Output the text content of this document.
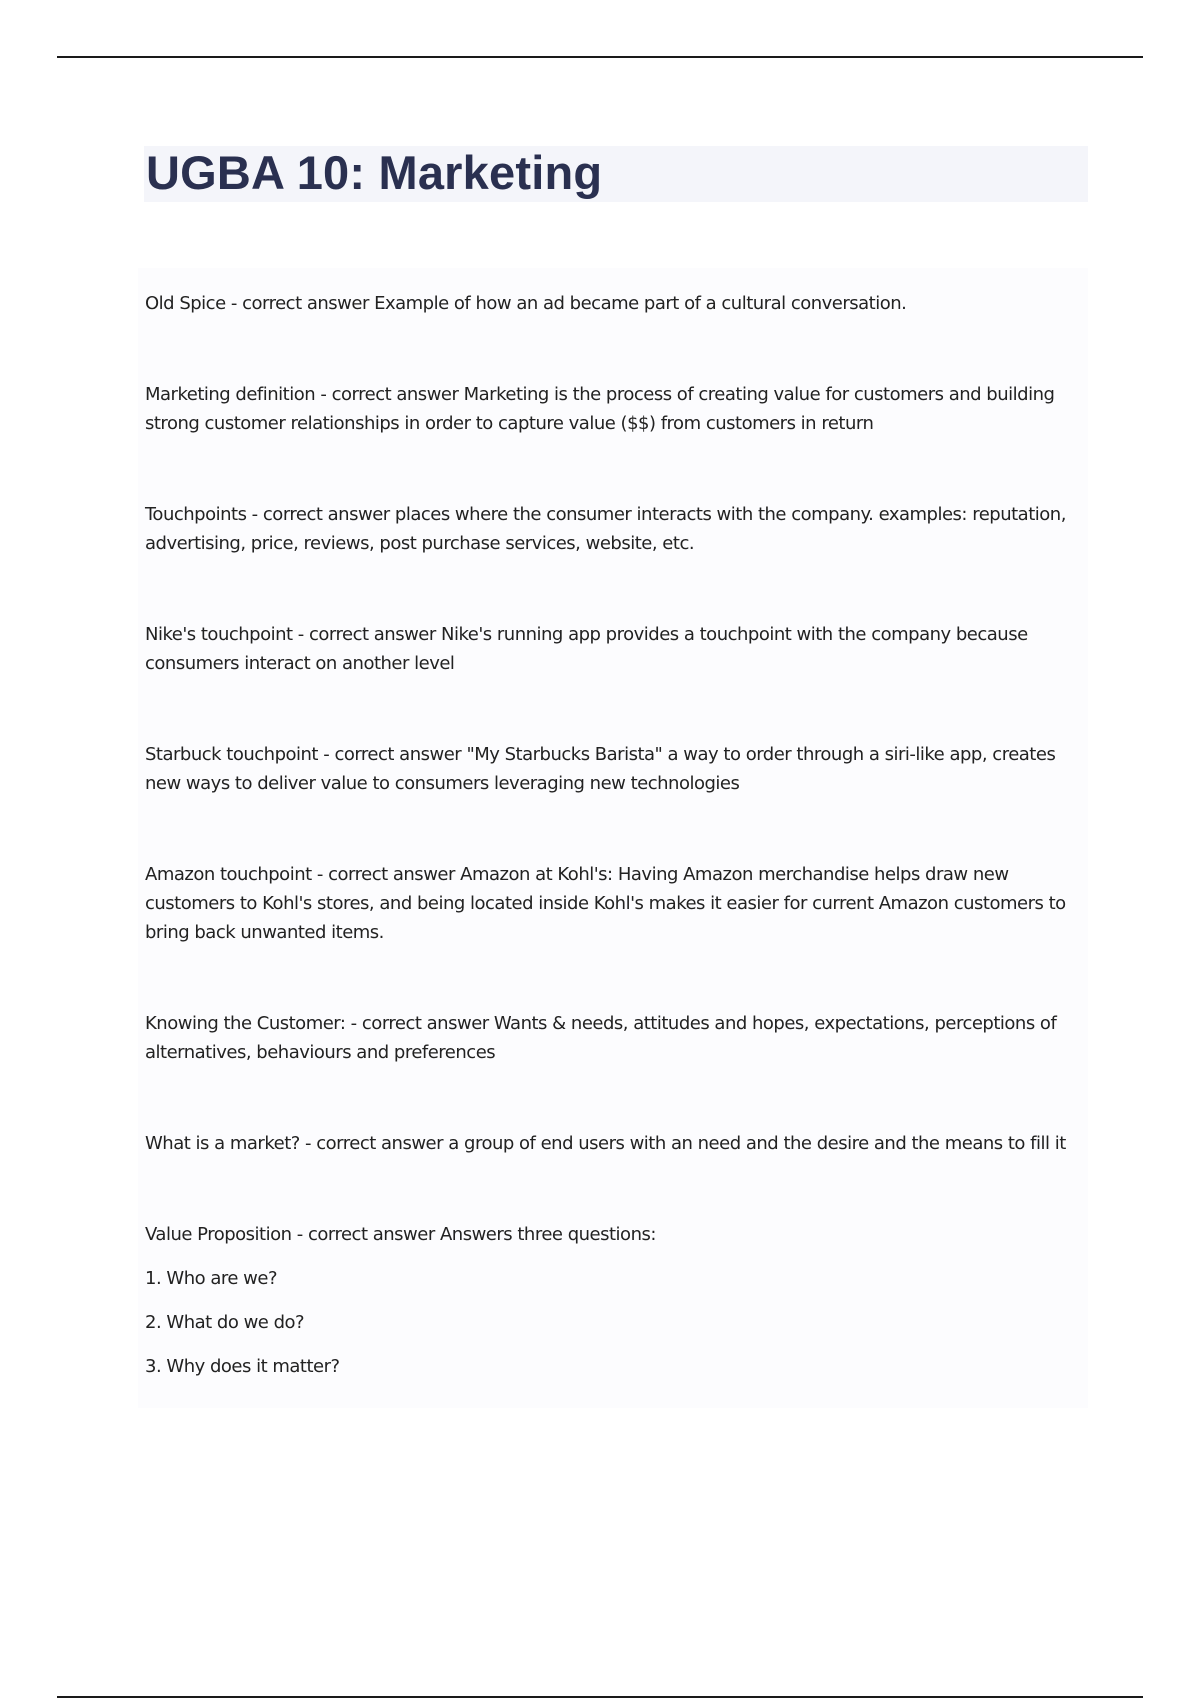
UGBA 10: Marketing
Old Spice - correct answer Example of how an ad became part of a cultural conversation.
Marketing definition - correct answer Marketing is the process of creating value for customers and building strong customer relationships in order to capture value ($$) from customers in return
Touchpoints - correct answer places where the consumer interacts with the company. examples: reputation, advertising, price, reviews, post purchase services, website, etc.
Nike's touchpoint - correct answer Nike's running app provides a touchpoint with the company because consumers interact on another level
Starbuck touchpoint - correct answer "My Starbucks Barista" a way to order through a siri-like app, creates new ways to deliver value to consumers leveraging new technologies
Amazon touchpoint - correct answer Amazon at Kohl's: Having Amazon merchandise helps draw new customers to Kohl's stores, and being located inside Kohl's makes it easier for current Amazon customers to bring back unwanted items.
Knowing the Customer: - correct answer Wants & needs, attitudes and hopes, expectations, perceptions of alternatives, behaviours and preferences
What is a market? - correct answer a group of end users with an need and the desire and the means to fill it
Value Proposition - correct answer Answers three questions:
1. Who are we?
2. What do we do?
3. Why does it matter?
